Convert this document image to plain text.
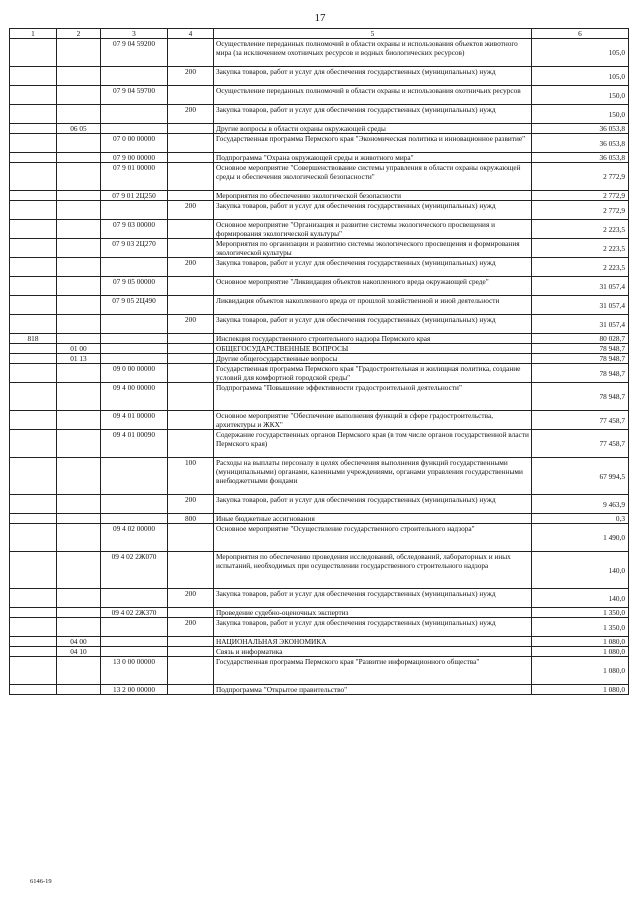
17
1	2	3	4	5	6
		07 9 04 59200		Осуществление переданных полномочий в области охраны и использования объектов животного мира (за исключением охотничьих ресурсов и водных биологических ресурсов)	105,0
			200	Закупка товаров, работ и услуг для обеспечения государственных (муниципальных) нужд	105,0
		07 9 04 59700		Осуществление переданных полномочий в области охраны и использования охотничьих ресурсов	150,0
			200	Закупка товаров, работ и услуг для обеспечения государственных (муниципальных) нужд	150,0
	06 05			Другие вопросы в области охраны окружающей среды	36 053,8
		07 0 00 00000		Государственная программа Пермского края "Экономическая политика и инновационное развитие"	36 053,8
		07 9 00 00000		Подпрограмма "Охрана окружающей среды и животного мира"	36 053,8
		07 9 01 00000		Основное мероприятие "Совершенствование системы управления в области охраны окружающей среды и обеспечения экологической безопасности"	2 772,9
		07 9 01 2Ц250		Мероприятия по обеспечению экологической безопасности	2 772,9
			200	Закупка товаров, работ и услуг для обеспечения государственных (муниципальных) нужд	2 772,9
		07 9 03 00000		Основное мероприятие "Организация и развитие системы экологического просвещения и формирования экологической культуры"	2 223,5
		07 9 03 2Ц270		Мероприятия по организации и развитию системы экологического просвещения и формирования экологической культуры	2 223,5
			200	Закупка товаров, работ и услуг для обеспечения государственных (муниципальных) нужд	2 223,5
		07 9 05 00000		Основное мероприятие "Ликвидация объектов накопленного вреда окружающей среде"	31 057,4
		07 9 05 2Ц490		Ликвидация объектов накопленного вреда от прошлой хозяйственной и иной деятельности	31 057,4
			200	Закупка товаров, работ и услуг для обеспечения государственных (муниципальных) нужд	31 057,4
818				Инспекция государственного строительного надзора Пермского края	80 028,7
	01 00			ОБЩЕГОСУДАРСТВЕННЫЕ ВОПРОСЫ	78 948,7
	01 13			Другие общегосударственные вопросы	78 948,7
		09 0 00 00000		Государственная программа Пермского края "Градостроительная и жилищная политика, создание условий для комфортной городской среды"	78 948,7
		09 4 00 00000		Подпрограмма "Повышение эффективности градостроительной деятельности"	78 948,7
		09 4 01 00000		Основное мероприятие "Обеспечение выполнения функций в сфере градостроительства, архитектуры и ЖКХ"	77 458,7
		09 4 01 00090		Содержание государственных органов Пермского края (в том числе органов государственной власти Пермского края)	77 458,7
			100	Расходы на выплаты персоналу в целях обеспечения выполнения функций государственными (муниципальными) органами, казенными учреждениями, органами управления государственными внебюджетными фондами	67 994,5
			200	Закупка товаров, работ и услуг для обеспечения государственных (муниципальных) нужд	9 463,9
			800	Иные бюджетные ассигнования	0,3
		09 4 02 00000		Основное мероприятие "Осуществление государственного строительного надзора"	1 490,0
		09 4 02 2Ж070		Мероприятия по обеспечению проведения исследований, обследований, лабораторных и иных испытаний, необходимых при осуществлении государственного строительного надзора	140,0
			200	Закупка товаров, работ и услуг для обеспечения государственных (муниципальных) нужд	140,0
		09 4 02 2Ж370		Проведение судебно-оценочных экспертиз	1 350,0
			200	Закупка товаров, работ и услуг для обеспечения государственных (муниципальных) нужд	1 350,0
	04 00			НАЦИОНАЛЬНАЯ ЭКОНОМИКА	1 080,0
	04 10			Связь и информатика	1 080,0
		13 0 00 00000		Государственная программа Пермского края "Развитие информационного общества"	1 080,0
		13 2 00 00000		Подпрограмма "Открытое правительство"	1 080,0
6146-19
